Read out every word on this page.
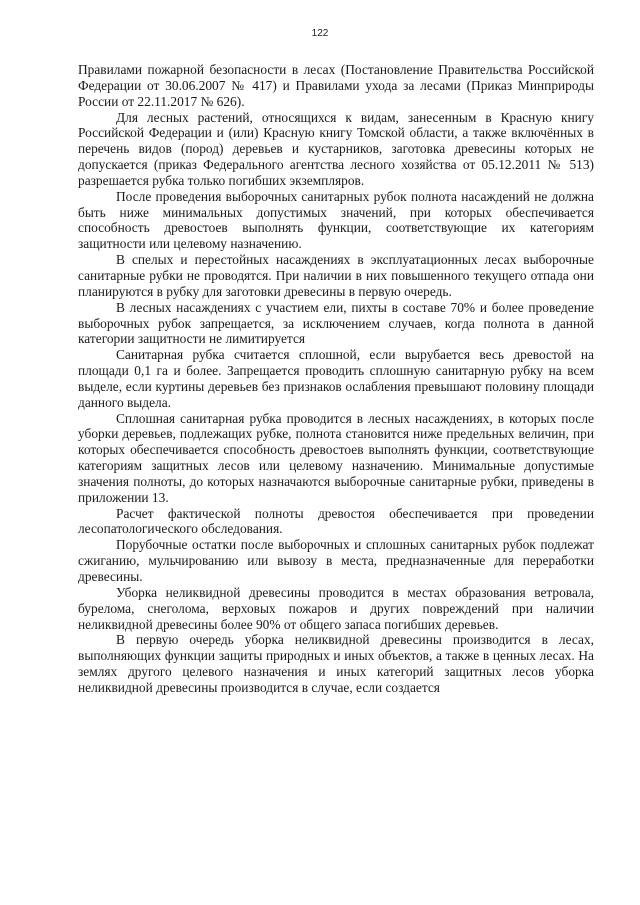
122

Правилами пожарной безопасности в лесах (Постановление Правительства Российской Федерации от 30.06.2007 № 417) и Правилами ухода за лесами (Приказ Минприроды России от 22.11.2017 № 626).

Для лесных растений, относящихся к видам, занесенным в Красную книгу Российской Федерации и (или) Красную книгу Томской области, а также включённых в перечень видов (пород) деревьев и кустарников, заготовка древесины которых не допускается (приказ Федерального агентства лесного хозяйства от 05.12.2011 № 513) разрешается рубка только погибших экземпляров.

После проведения выборочных санитарных рубок полнота насаждений не должна быть ниже минимальных допустимых значений, при которых обеспечивается способность древостоев выполнять функции, соответствующие их категориям защитности или целевому назначению.

В спелых и перестойных насаждениях в эксплуатационных лесах выборочные санитарные рубки не проводятся. При наличии в них повышенного текущего отпада они планируются в рубку для заготовки древесины в первую очередь.

В лесных насаждениях с участием ели, пихты в составе 70% и более проведение выборочных рубок запрещается, за исключением случаев, когда полнота в данной категории защитности не лимитируется

Санитарная рубка считается сплошной, если вырубается весь древостой на площади 0,1 га и более. Запрещается проводить сплошную санитарную рубку на всем выделе, если куртины деревьев без признаков ослабления превышают половину площади данного выдела.

Сплошная санитарная рубка проводится в лесных насаждениях, в которых после уборки деревьев, подлежащих рубке, полнота становится ниже предельных величин, при которых обеспечивается способность древостоев выполнять функции, соответствующие категориям защитных лесов или целевому назначению. Минимальные допустимые значения полноты, до которых назначаются выборочные санитарные рубки, приведены в приложении 13.

Расчет фактической полноты древостоя обеспечивается при проведении лесопатологического обследования.

Порубочные остатки после выборочных и сплошных санитарных рубок подлежат сжиганию, мульчированию или вывозу в места, предназначенные для переработки древесины.

Уборка неликвидной древесины проводится в местах образования ветровала, бурелома, снеголома, верховых пожаров и других повреждений при наличии неликвидной древесины более 90% от общего запаса погибших деревьев.

В первую очередь уборка неликвидной древесины производится в лесах, выполняющих функции защиты природных и иных объектов, а также в ценных лесах. На землях другого целевого назначения и иных категорий защитных лесов уборка неликвидной древесины производится в случае, если создается
